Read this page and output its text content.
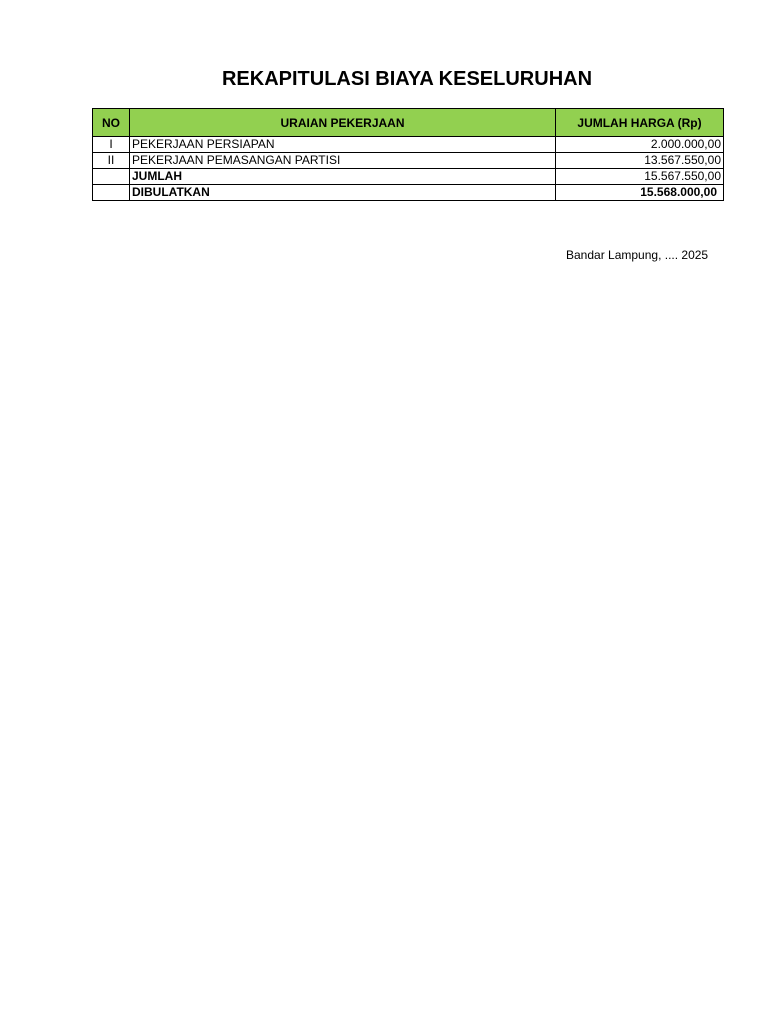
REKAPITULASI BIAYA KESELURUHAN
NO	URAIAN PEKERJAAN	JUMLAH HARGA (Rp)
I	PEKERJAAN PERSIAPAN	2.000.000,00
II	PEKERJAAN PEMASANGAN PARTISI	13.567.550,00
	JUMLAH	15.567.550,00
	DIBULATKAN	15.568.000,00
Bandar Lampung, .... 2025
